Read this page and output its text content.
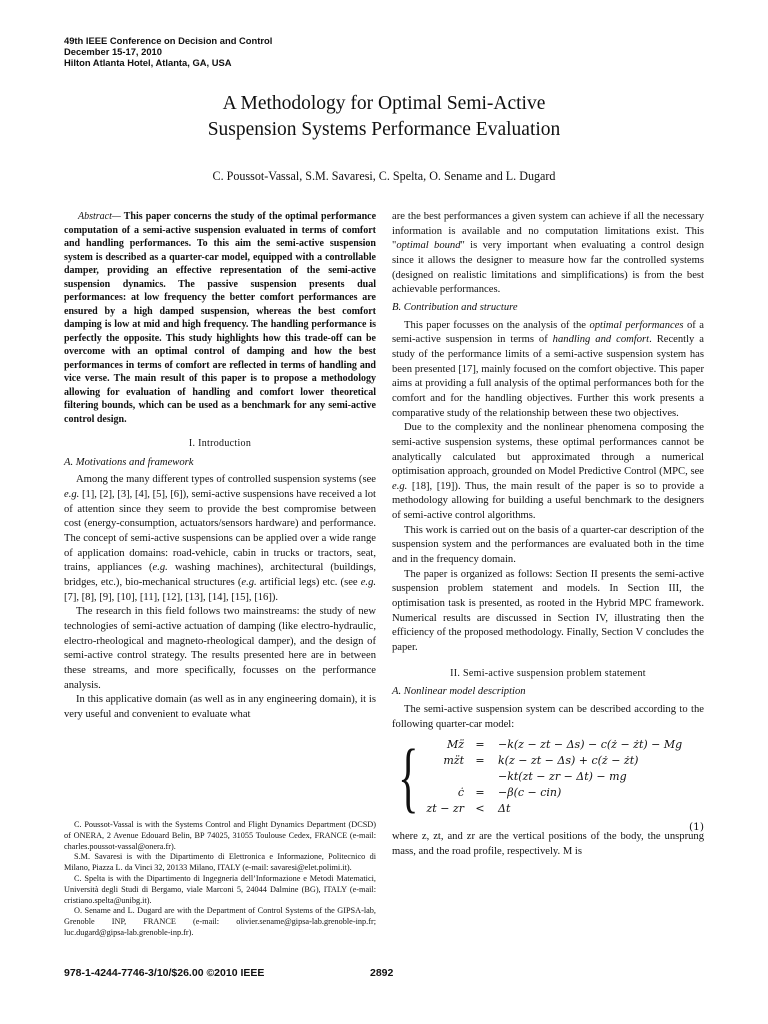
49th IEEE Conference on Decision and Control
December 15-17, 2010
Hilton Atlanta Hotel, Atlanta, GA, USA
A Methodology for Optimal Semi-Active
Suspension Systems Performance Evaluation
C. Poussot-Vassal, S.M. Savaresi, C. Spelta, O. Sename and L. Dugard

Abstract— This paper concerns the study of the optimal performance computation of a semi-active suspension evaluated in terms of comfort and handling performances. To this aim the semi-active suspension system is described as a quarter-car model, equipped with a controllable damper, providing an effective representation of the semi-active suspension dynamics. The passive suspension presents dual performances: at low frequency the better comfort performances are ensured by a high damped suspension, whereas the best comfort damping is low at mid and high frequency. The handling performance is perfectly the opposite. This study highlights how this trade-off can be overcome with an optimal control of damping and how the best performances in terms of comfort are reflected in terms of handling and vice verse. The main result of this paper is to propose a methodology allowing for evaluation of handling and comfort lower theoretical filtering bounds, which can be used as a benchmark for any semi-active control design.

I. Introduction
A. Motivations and framework

Among the many different types of controlled suspension systems (see e.g. [1], [2], [3], [4], [5], [6]), semi-active suspensions have received a lot of attention since they seem to provide the best compromise between cost (energy-consumption, actuators/sensors hardware) and performance. The concept of semi-active suspensions can be applied over a wide range of application domains: road-vehicle, cabin in trucks or tractors, seat, trains, appliances (e.g. washing machines), architectural (buildings, bridges, etc.), bio-mechanical structures (e.g. artificial legs) etc. (see e.g. [7], [8], [9], [10], [11], [12], [13], [14], [15], [16]).

The research in this field follows two mainstreams: the study of new technologies of semi-active actuation of damping (like electro-hydraulic, electro-rheological and magneto-rheological damper), and the design of semi-active control strategy. The results presented here are in between these streams, and more specifically, focusses on the performance analysis.

In this applicative domain (as well as in any engineering domain), it is very useful and convenient to evaluate what

C. Poussot-Vassal is with the Systems Control and Flight Dynamics Department (DCSD) of ONERA, 2 Avenue Edouard Belin, BP 74025, 31055 Toulouse Cedex, FRANCE (e-mail: charles.poussot-vassal@onera.fr).

S.M. Savaresi is with the Dipartimento di Elettronica e Informazione, Politecnico di Milano, Piazza L. da Vinci 32, 20133 Milano, ITALY (e-mail: savaresi@elet.polimi.it).

C. Spelta is with the Dipartimento di Ingegneria dell’Informazione e Metodi Matematici, Università degli Studi di Bergamo, viale Marconi 5, 24044 Dalmine (BG), ITALY (e-mail: cristiano.spelta@unibg.it).

O. Sename and L. Dugard are with the Department of Control Systems of the GIPSA-lab, Grenoble INP, FRANCE (e-mail: olivier.sename@gipsa-lab.grenoble-inp.fr; luc.dugard@gipsa-lab.grenoble-inp.fr).

are the best performances a given system can achieve if all the necessary information is available and no computation limitations exist. This "optimal bound" is very important when evaluating a control design since it allows the designer to measure how far the controlled systems (designed on realistic limitations and simplifications) is from the best achievable performances.

B. Contribution and structure

This paper focusses on the analysis of the optimal performances of a semi-active suspension in terms of handling and comfort. Recently a study of the performance limits of a semi-active suspension system has been presented [17], mainly focused on the comfort objective. This paper aims at providing a full analysis of the optimal performances both for the comfort and for the handling objectives. Further this work presents a comparative study of the relationship between these two objectives.

Due to the complexity and the nonlinear phenomena composing the semi-active suspension systems, these optimal performances cannot be analytically calculated but approximated through a numerical optimisation approach, grounded on Model Predictive Control (MPC, see e.g. [18], [19]). Thus, the main result of the paper is so to provide a methodology allowing for building a useful benchmark to the designers of semi-active control algorithms.

This work is carried out on the basis of a quarter-car description of the suspension system and the performances are evaluated both in the time and in the frequency domain.

The paper is organized as follows: Section II presents the semi-active suspension problem statement and models. In Section III, the optimisation task is presented, as rooted in the Hybrid MPC framework. Numerical results are discussed in Section IV, illustrating then the efficiency of the proposed methodology. Finally, Section V concludes the paper.

II. Semi-active suspension problem statement
A. Nonlinear model description

The semi-active suspension system can be described according to the following quarter-car model:

{	Mz̈	=	−k(z − zt − Δs) − c(ż − żt) − Mg
mz̈t	=	k(z − zt − Δs) + c(ż − żt)
−kt(zt − zr − Δt) − mg
ċ	=	−β(c − cin)
zt − zr	<	Δt
(1)

where z, zt, and zr are the vertical positions of the body, the unsprung mass, and the road profile, respectively. M is

978-1-4244-7746-3/10/$26.00 ©2010 IEEE	2892
